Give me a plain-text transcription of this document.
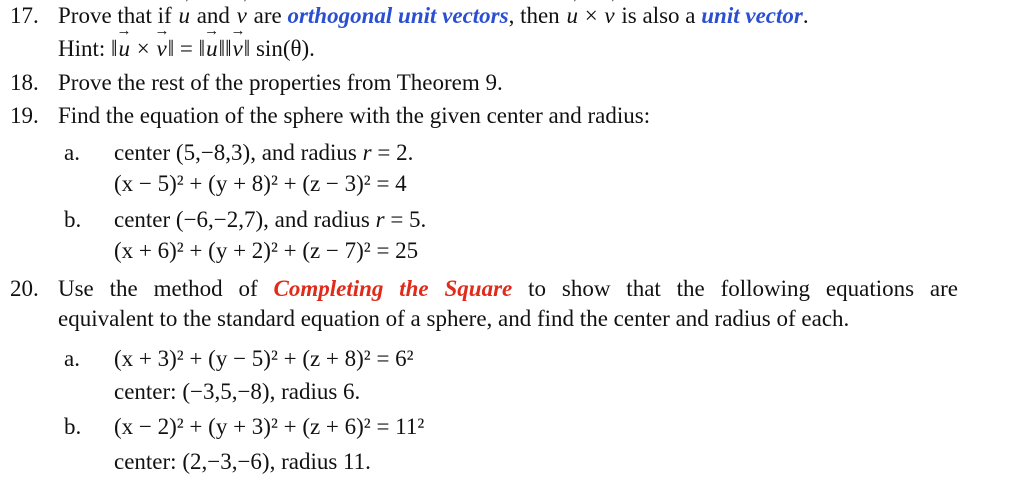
17. Prove that if → u and → v are orthogonal unit vectors, then → u × → v is also a unit vector.
Hint: ‖→ u × → v‖ = ‖→ u‖‖→ v‖ sin(θ).
18. Prove the rest of the properties from Theorem 9.
19. Find the equation of the sphere with the given center and radius:
a. center (5,−8,3), and radius r = 2.
(x − 5)² + (y + 8)² + (z − 3)² = 4
b. center (−6,−2,7), and radius r = 5.
(x + 6)² + (y + 2)² + (z − 7)² = 25
20. Use the method of Completing the Square to show that the following equations are
equivalent to the standard equation of a sphere, and find the center and radius of each.
a. (x + 3)² + (y − 5)² + (z + 8)² = 6²
center: (−3,5,−8), radius 6.
b. (x − 2)² + (y + 3)² + (z + 6)² = 11²
center: (2,−3,−6), radius 11.
